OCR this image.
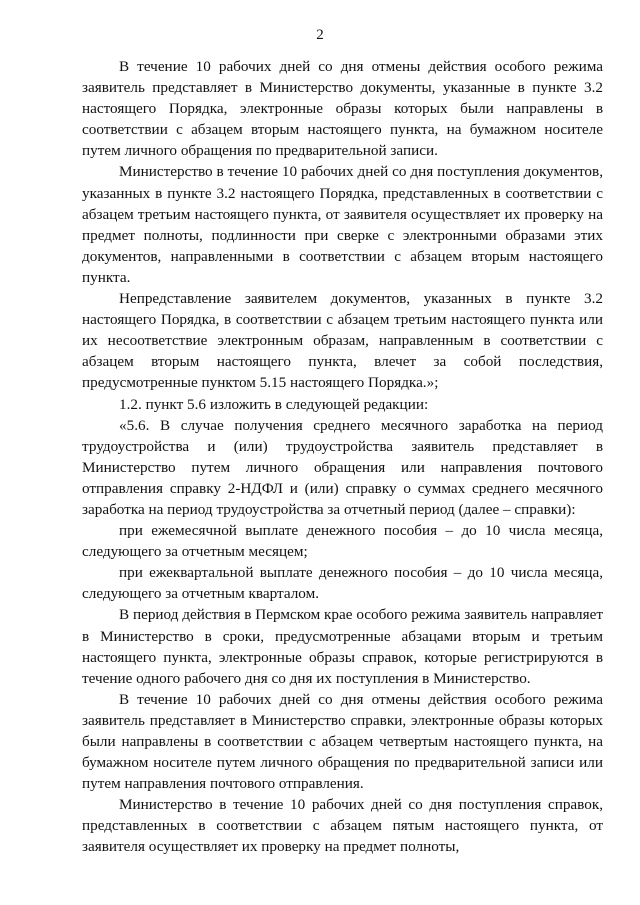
2

В течение 10 рабочих дней со дня отмены действия особого режима заявитель представляет в Министерство документы, указанные в пункте 3.2 настоящего Порядка, электронные образы которых были направлены в соответствии с абзацем вторым настоящего пункта, на бумажном носителе путем личного обращения по предварительной записи.

Министерство в течение 10 рабочих дней со дня поступления документов, указанных в пункте 3.2 настоящего Порядка, представленных в соответствии с абзацем третьим настоящего пункта, от заявителя осуществляет их проверку на предмет полноты, подлинности при сверке с электронными образами этих документов, направленными в соответствии с абзацем вторым настоящего пункта.

Непредставление заявителем документов, указанных в пункте 3.2 настоящего Порядка, в соответствии с абзацем третьим настоящего пункта или их несоответствие электронным образам, направленным в соответствии с абзацем вторым настоящего пункта, влечет за собой последствия, предусмотренные пунктом 5.15 настоящего Порядка.»;

1.2. пункт 5.6 изложить в следующей редакции:

«5.6. В случае получения среднего месячного заработка на период трудоустройства и (или) трудоустройства заявитель представляет в Министерство путем личного обращения или направления почтового отправления справку 2-НДФЛ и (или) справку о суммах среднего месячного заработка на период трудоустройства за отчетный период (далее – справки):

при ежемесячной выплате денежного пособия – до 10 числа месяца, следующего за отчетным месяцем;

при ежеквартальной выплате денежного пособия – до 10 числа месяца, следующего за отчетным кварталом.

В период действия в Пермском крае особого режима заявитель направляет в Министерство в сроки, предусмотренные абзацами вторым и третьим настоящего пункта, электронные образы справок, которые регистрируются в течение одного рабочего дня со дня их поступления в Министерство.

В течение 10 рабочих дней со дня отмены действия особого режима заявитель представляет в Министерство справки, электронные образы которых были направлены в соответствии с абзацем четвертым настоящего пункта, на бумажном носителе путем личного обращения по предварительной записи или путем направления почтового отправления.

Министерство в течение 10 рабочих дней со дня поступления справок, представленных в соответствии с абзацем пятым настоящего пункта, от заявителя осуществляет их проверку на предмет полноты,
